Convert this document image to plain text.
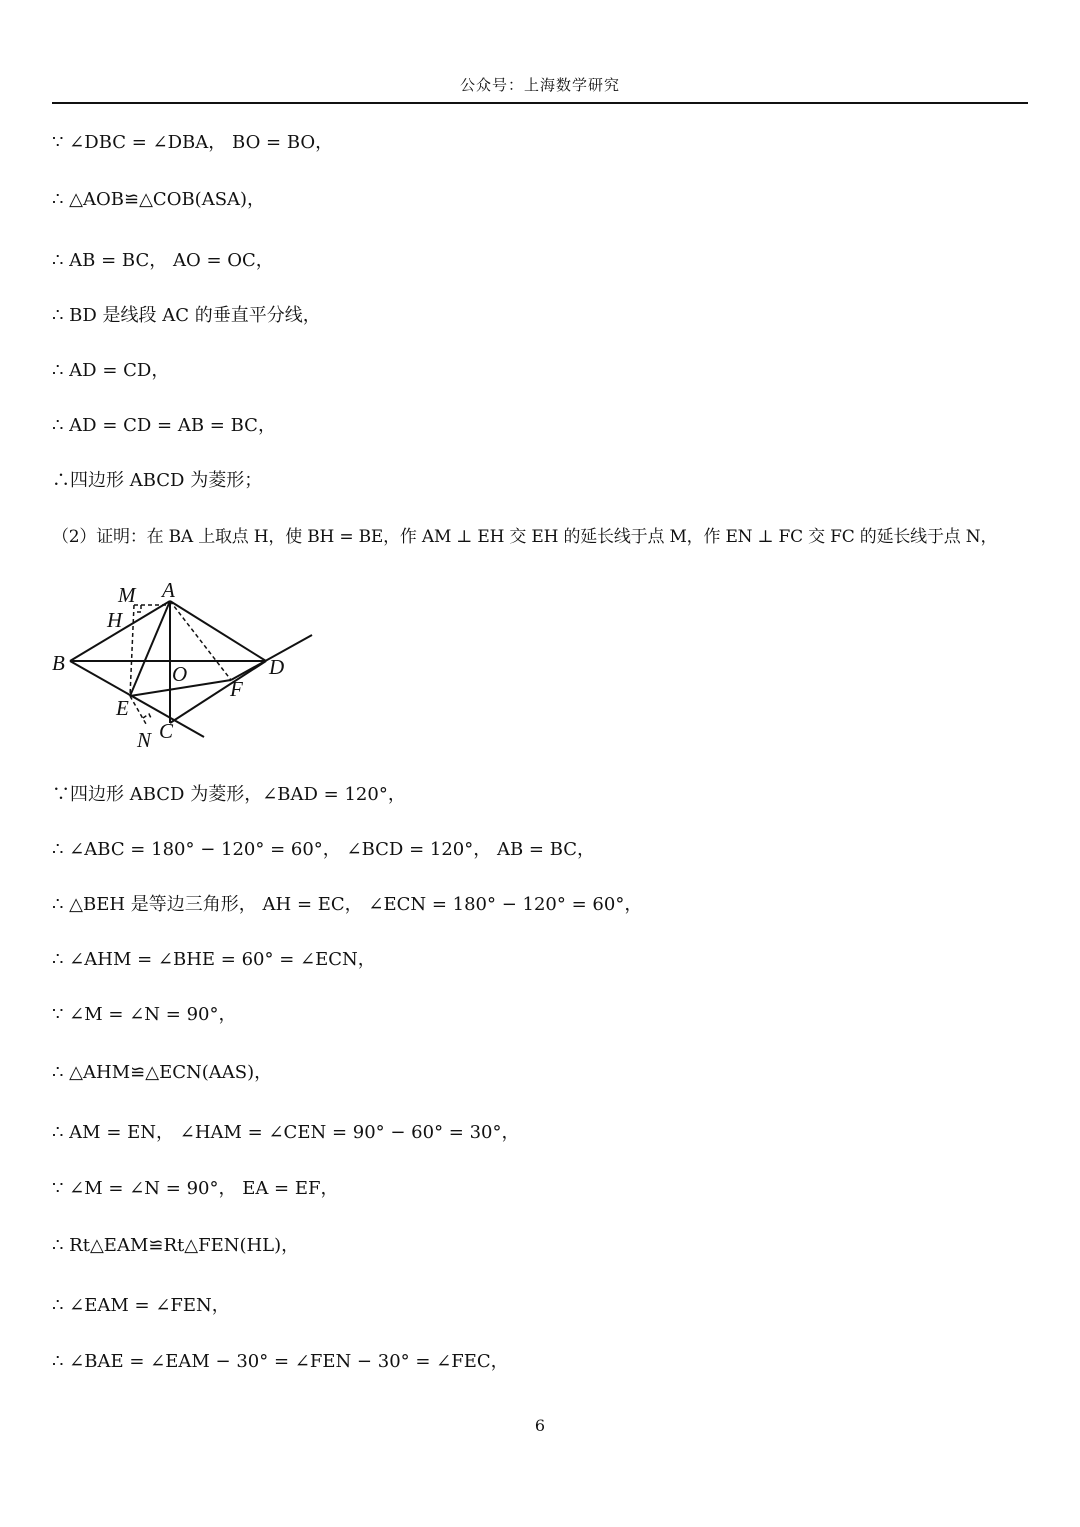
公众号：上海数学研究
∵ ∠DBC = ∠DBA， BO = BO，
∴ △AOB≌△COB(ASA)，
∴ AB = BC， AO = OC，
∴ BD 是线段 AC 的垂直平分线，
∴ AD = CD，
∴ AD = CD = AB = BC，
∴四边形 ABCD 为菱形；
（2）证明：在 BA 上取点 H，使 BH = BE，作 AM ⊥ EH 交 EH 的延长线于点 M，作 EN ⊥ FC 交 FC 的延长线于点 N，
M A
H
B	O	D
F
E
N C
∵四边形 ABCD 为菱形，∠BAD = 120°，
∴ ∠ABC = 180° − 120° = 60°， ∠BCD = 120°， AB = BC，
∴ △BEH 是等边三角形， AH = EC， ∠ECN = 180° − 120° = 60°，
∴ ∠AHM = ∠BHE = 60° = ∠ECN，
∵ ∠M = ∠N = 90°，
∴ △AHM≌△ECN(AAS)，
∴ AM = EN， ∠HAM = ∠CEN = 90° − 60° = 30°，
∵ ∠M = ∠N = 90°， EA = EF，
∴ Rt△EAM≌Rt△FEN(HL)，
∴ ∠EAM = ∠FEN，
∴ ∠BAE = ∠EAM − 30° = ∠FEN − 30° = ∠FEC，
6
